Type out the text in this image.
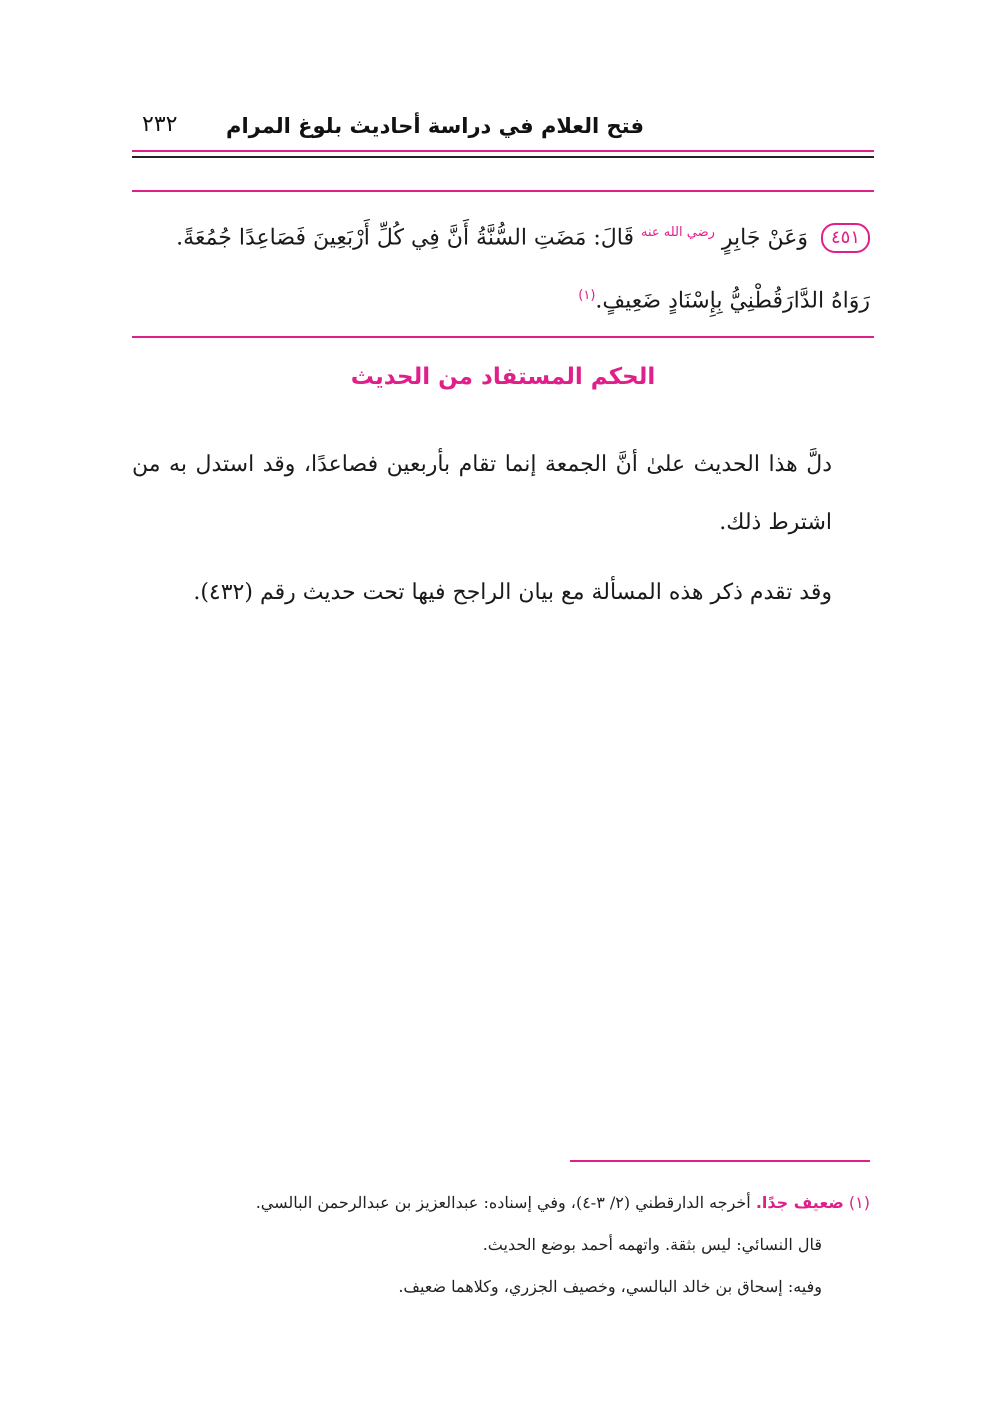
فتح العلام في دراسة أحاديث بلوغ المرام
٢٣٢
٤٥١ وَعَنْ جَابِرٍ $^{رضي الله عنه}$ قَالَ: مَضَتِ السُّنَّةُ أَنَّ فِي كُلِّ أَرْبَعِينَ فَصَاعِدًا جُمُعَةً.
رَوَاهُ الدَّارَقُطْنِيُّ بِإِسْنَادٍ ضَعِيفٍ.$^{(١)}$
الحكم المستفاد من الحديث

دلَّ هذا الحديث علىٰ أنَّ الجمعة إنما تقام بأربعين فصاعدًا، وقد استدل به من اشترط ذلك.

وقد تقدم ذكر هذه المسألة مع بيان الراجح فيها تحت حديث رقم (٤٣٢).

(١) ضعيف جدًا. أخرجه الدارقطني (٢/ ٣-٤)، وفي إسناده: عبدالعزيز بن عبدالرحمن البالسي.

قال النسائي: ليس بثقة. واتهمه أحمد بوضع الحديث.

وفيه: إسحاق بن خالد البالسي، وخصيف الجزري، وكلاهما ضعيف.
